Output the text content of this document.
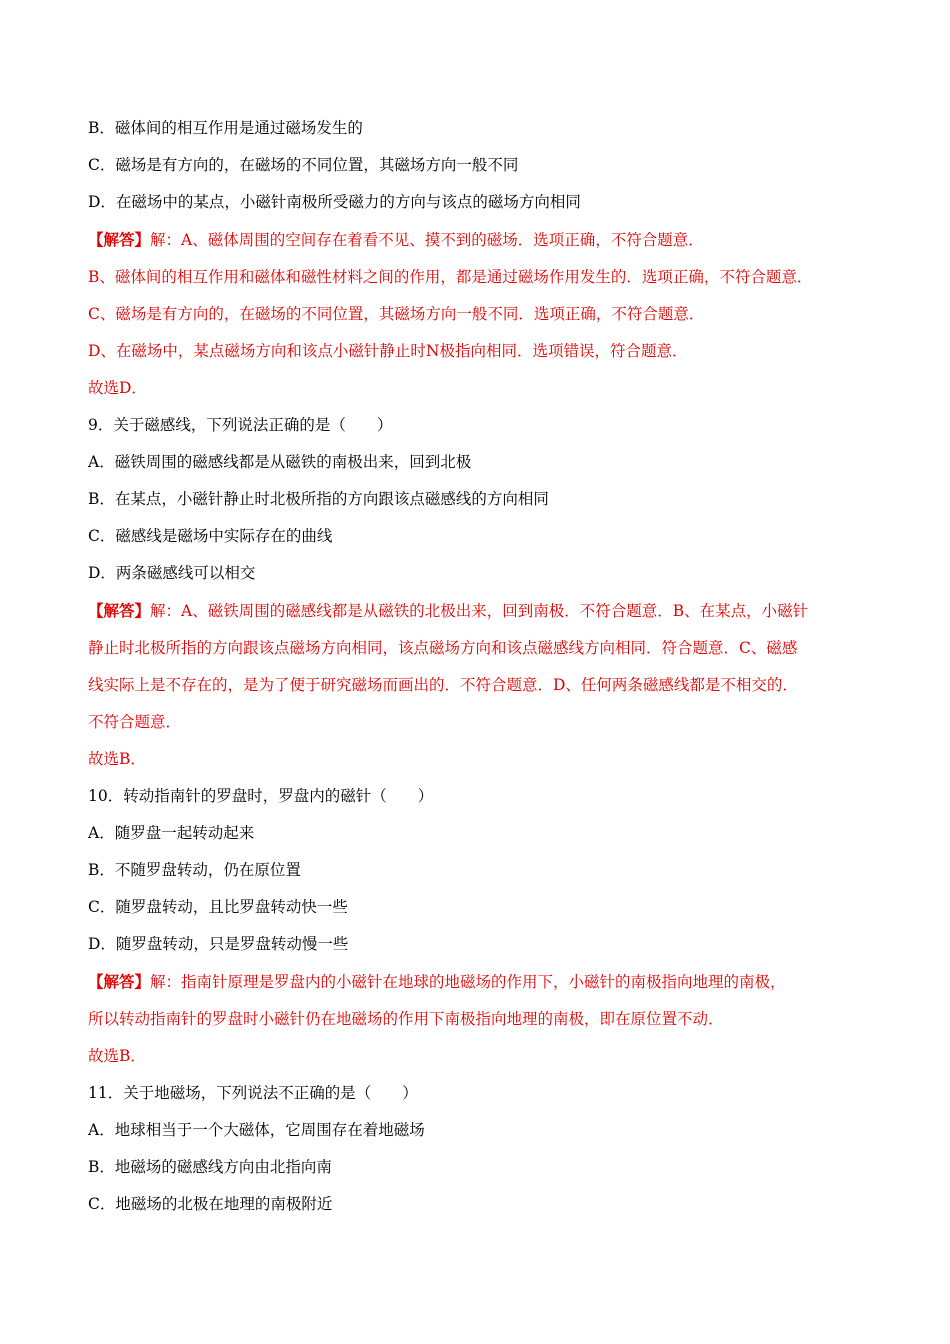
B．磁体间的相互作用是通过磁场发生的
C．磁场是有方向的，在磁场的不同位置，其磁场方向一般不同
D．在磁场中的某点，小磁针南极所受磁力的方向与该点的磁场方向相同
【解答】解：A、磁体周围的空间存在着看不见、摸不到的磁场．选项正确，不符合题意．
B、磁体间的相互作用和磁体和磁性材料之间的作用，都是通过磁场作用发生的．选项正确，不符合题意．
C、磁场是有方向的，在磁场的不同位置，其磁场方向一般不同．选项正确，不符合题意．
D、在磁场中，某点磁场方向和该点小磁针静止时N极指向相同．选项错误，符合题意．
故选D．
9．关于磁感线，下列说法正确的是（　　）
A．磁铁周围的磁感线都是从磁铁的南极出来，回到北极
B．在某点，小磁针静止时北极所指的方向跟该点磁感线的方向相同
C．磁感线是磁场中实际存在的曲线
D．两条磁感线可以相交
【解答】解：A、磁铁周围的磁感线都是从磁铁的北极出来，回到南极．不符合题意．B、在某点，小磁针
静止时北极所指的方向跟该点磁场方向相同，该点磁场方向和该点磁感线方向相同．符合题意．C、磁感
线实际上是不存在的，是为了便于研究磁场而画出的．不符合题意．D、任何两条磁感线都是不相交的．
不符合题意．
故选B．
10．转动指南针的罗盘时，罗盘内的磁针（　　）
A．随罗盘一起转动起来
B．不随罗盘转动，仍在原位置
C．随罗盘转动，且比罗盘转动快一些
D．随罗盘转动，只是罗盘转动慢一些
【解答】解：指南针原理是罗盘内的小磁针在地球的地磁场的作用下，小磁针的南极指向地理的南极，
所以转动指南针的罗盘时小磁针仍在地磁场的作用下南极指向地理的南极，即在原位置不动．
故选B．
11．关于地磁场，下列说法不正确的是（　　）
A．地球相当于一个大磁体，它周围存在着地磁场
B．地磁场的磁感线方向由北指向南
C．地磁场的北极在地理的南极附近
